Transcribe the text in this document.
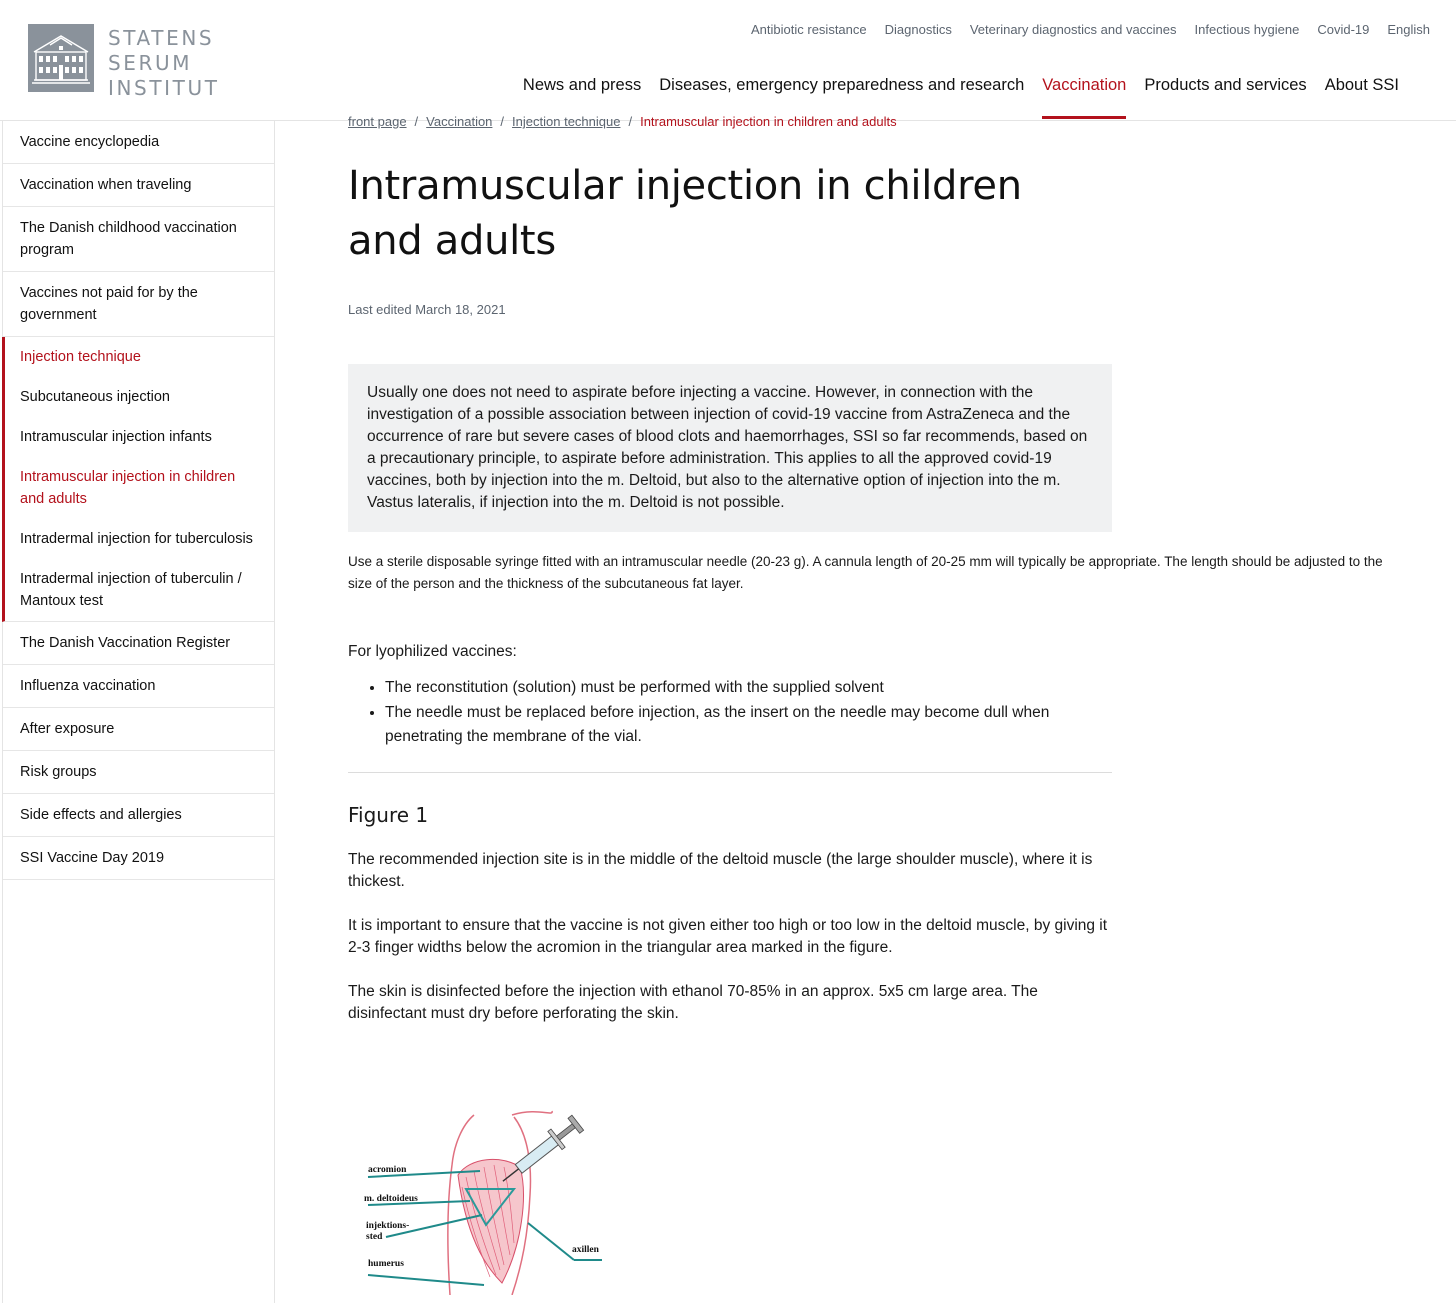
STATENS
SERUM
INSTITUT
Antibiotic resistance Diagnostics Veterinary diagnostics and vaccines Infectious hygiene Covid-19 English
News and press Diseases, emergency preparedness and research Vaccination Products and services About SSI
Vaccine encyclopedia
Vaccination when traveling
The Danish childhood vaccination program
Vaccines not paid for by the government
Injection technique
Subcutaneous injection
Intramuscular injection infants
Intramuscular injection in children and adults
Intradermal injection for tuberculosis
Intradermal injection of tuberculin / Mantoux test
The Danish Vaccination Register
Influenza vaccination
After exposure
Risk groups
Side effects and allergies
SSI Vaccine Day 2019
front page / Vaccination / Injection technique / Intramuscular injection in children and adults
Intramuscular injection in children and adults

Last edited March 18, 2021

Usually one does not need to aspirate before injecting a vaccine. However, in connection with the investigation of a possible association between injection of covid-19 vaccine from AstraZeneca and the occurrence of rare but severe cases of blood clots and haemorrhages, SSI so far recommends, based on a precautionary principle, to aspirate before administration. This applies to all the approved covid-19 vaccines, both by injection into the m. Deltoid, but also to the alternative option of injection into the m. Vastus lateralis, if injection into the m. Deltoid is not possible.

Use a sterile disposable syringe fitted with an intramuscular needle (20-23 g). A cannula length of 20-25 mm will typically be appropriate. The length should be adjusted to the size of the person and the thickness of the subcutaneous fat layer.

For lyophilized vaccines:

• The reconstitution (solution) must be performed with the supplied solvent
• The needle must be replaced before injection, as the insert on the needle may become dull when penetrating the membrane of the vial.
Figure 1

The recommended injection site is in the middle of the deltoid muscle (the large shoulder muscle), where it is thickest.

It is important to ensure that the vaccine is not given either too high or too low in the deltoid muscle, by giving it 2-3 finger widths below the acromion in the triangular area marked in the figure.

The skin is disinfected before the injection with ethanol 70-85% in an approx. 5x5 cm large area. The disinfectant must dry before perforating the skin.

acromion
m. deltoideus
injektions-
sted
humerus
axillen
